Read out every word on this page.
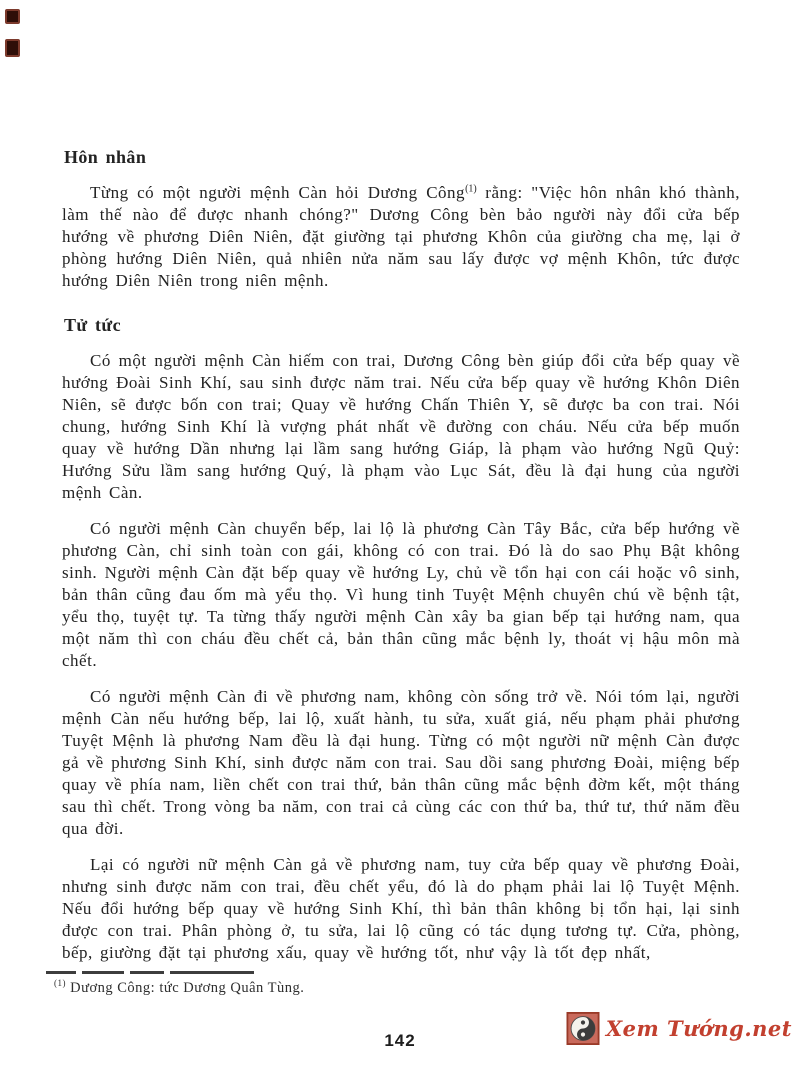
Hôn nhân

Từng có một người mệnh Càn hỏi Dương Công$^{(1)}$ rằng: "Việc hôn nhân khó thành, làm thế nào để được nhanh chóng?" Dương Công bèn bảo người này đổi cửa bếp hướng về phương Diên Niên, đặt giường tại phương Khôn của giường cha mẹ, lại ở phòng hướng Diên Niên, quả nhiên nửa năm sau lấy được vợ mệnh Khôn, tức được hướng Diên Niên trong niên mệnh.

Tử tức

Có một người mệnh Càn hiếm con trai, Dương Công bèn giúp đổi cửa bếp quay về hướng Đoài Sinh Khí, sau sinh được năm trai. Nếu cửa bếp quay về hướng Khôn Diên Niên, sẽ được bốn con trai; Quay về hướng Chấn Thiên Y, sẽ được ba con trai. Nói chung, hướng Sinh Khí là vượng phát nhất về đường con cháu. Nếu cửa bếp muốn quay về hướng Dần nhưng lại lầm sang hướng Giáp, là phạm vào hướng Ngũ Quỷ: Hướng Sửu lầm sang hướng Quý, là phạm vào Lục Sát, đều là đại hung của người mệnh Càn.

Có người mệnh Càn chuyển bếp, lai lộ là phương Càn Tây Bắc, cửa bếp hướng về phương Càn, chỉ sinh toàn con gái, không có con trai. Đó là do sao Phụ Bật không sinh. Người mệnh Càn đặt bếp quay về hướng Ly, chủ về tổn hại con cái hoặc vô sinh, bản thân cũng đau ốm mà yểu thọ. Vì hung tinh Tuyệt Mệnh chuyên chú về bệnh tật, yểu thọ, tuyệt tự. Ta từng thấy người mệnh Càn xây ba gian bếp tại hướng nam, qua một năm thì con cháu đều chết cả, bản thân cũng mắc bệnh ly, thoát vị hậu môn mà chết.

Có người mệnh Càn đi về phương nam, không còn sống trở về. Nói tóm lại, người mệnh Càn nếu hướng bếp, lai lộ, xuất hành, tu sửa, xuất giá, nếu phạm phải phương Tuyệt Mệnh là phương Nam đều là đại hung. Từng có một người nữ mệnh Càn được gả về phương Sinh Khí, sinh được năm con trai. Sau dồi sang phương Đoài, miệng bếp quay về phía nam, liền chết con trai thứ, bản thân cũng mắc bệnh đờm kết, một tháng sau thì chết. Trong vòng ba năm, con trai cả cùng các con thứ ba, thứ tư, thứ năm đều qua đời.

Lại có người nữ mệnh Càn gả về phương nam, tuy cửa bếp quay về phương Đoài, nhưng sinh được năm con trai, đều chết yểu, đó là do phạm phải lai lộ Tuyệt Mệnh. Nếu đổi hướng bếp quay về hướng Sinh Khí, thì bản thân không bị tổn hại, lại sinh được con trai. Phân phòng ở, tu sửa, lai lộ cũng có tác dụng tương tự. Cửa, phòng, bếp, giường đặt tại phương xấu, quay về hướng tốt, như vậy là tốt đẹp nhất,

$^{(1)}$ Dương Công: tức Dương Quân Tùng.

142	Xem Tướng.net
